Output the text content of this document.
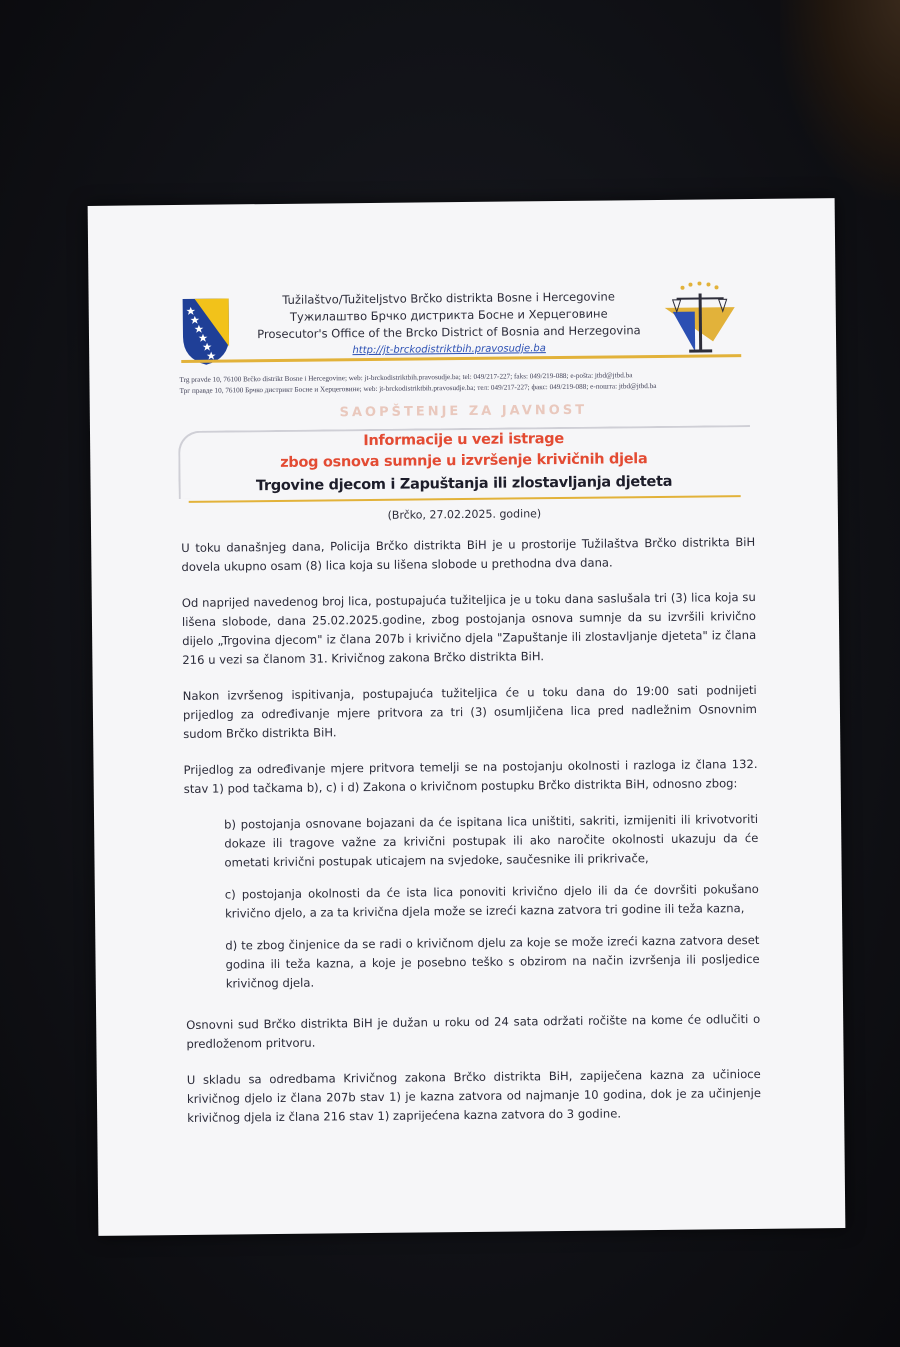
Tužilaštvo/Tužiteljstvo Brčko distrikta Bosne i Hercegovine
Тужилаштво Брчко дистрикта Босне и Херцеговине
Prosecutor's Office of the Brcko District of Bosnia and Herzegovina
http://jt-brckodistriktbih.pravosudje.ba
Trg pravde 10, 76100 Brčko distrikt Bosne i Hercegovine; web: jt-brckodistriktbih.pravosudje.ba; tel: 049/217-227; faks: 049/219-088; e-pošta: jtbd@jtbd.ba
Трг правде 10, 76100 Брчко дистрикт Босне и Херцеговине; web: jt-brckodistriktbih.pravosudje.ba; тел: 049/217-227; факс: 049/219-088; е-пошта: jtbd@jtbd.ba
SAOPŠTENJE ZA JAVNOST
Informacije u vezi istrage
zbog osnova sumnje u izvršenje krivičnih djela
Trgovine djecom i Zapuštanja ili zlostavljanja djeteta
(Brčko, 27.02.2025. godine)

U toku današnjeg dana, Policija Brčko distrikta BiH je u prostorije Tužilaštva Brčko distrikta BiH dovela ukupno osam (8) lica koja su lišena slobode u prethodna dva dana.

Od naprijed navedenog broj lica, postupajuća tužiteljica je u toku dana saslušala tri (3) lica koja su lišena slobode, dana 25.02.2025.godine, zbog postojanja osnova sumnje da su izvršili krivično dijelo „Trgovina djecom" iz člana 207b i krivično djela "Zapuštanje ili zlostavljanje djeteta" iz člana 216 u vezi sa članom 31. Krivičnog zakona Brčko distrikta BiH.

Nakon izvršenog ispitivanja, postupajuća tužiteljica će u toku dana do 19:00 sati podnijeti prijedlog za određivanje mjere pritvora za tri (3) osumljičena lica pred nadležnim Osnovnim sudom Brčko distrikta BiH.

Prijedlog za određivanje mjere pritvora temelji se na postojanju okolnosti i razloga iz člana 132. stav 1) pod tačkama b), c) i d) Zakona o krivičnom postupku Brčko distrikta BiH, odnosno zbog:

b) postojanja osnovane bojazani da će ispitana lica uništiti, sakriti, izmijeniti ili krivotvoriti dokaze ili tragove važne za krivični postupak ili ako naročite okolnosti ukazuju da će ometati krivični postupak uticajem na svjedoke, saučesnike ili prikrivače,

c) postojanja okolnosti da će ista lica ponoviti krivično djelo ili da će dovršiti pokušano krivično djelo, a za ta krivična djela može se izreći kazna zatvora tri godine ili teža kazna,

d) te zbog činjenice da se radi o krivičnom djelu za koje se može izreći kazna zatvora deset godina ili teža kazna, a koje je posebno teško s obzirom na način izvršenja ili posljedice krivičnog djela.

Osnovni sud Brčko distrikta BiH je dužan u roku od 24 sata održati ročište na kome će odlučiti o predloženom pritvoru.

U skladu sa odredbama Krivičnog zakona Brčko distrikta BiH, zapiječena kazna za učinioce krivičnog djelo iz člana 207b stav 1) je kazna zatvora od najmanje 10 godina, dok je za učinjenje krivičnog djela iz člana 216 stav 1) zaprijećena kazna zatvora do 3 godine.
